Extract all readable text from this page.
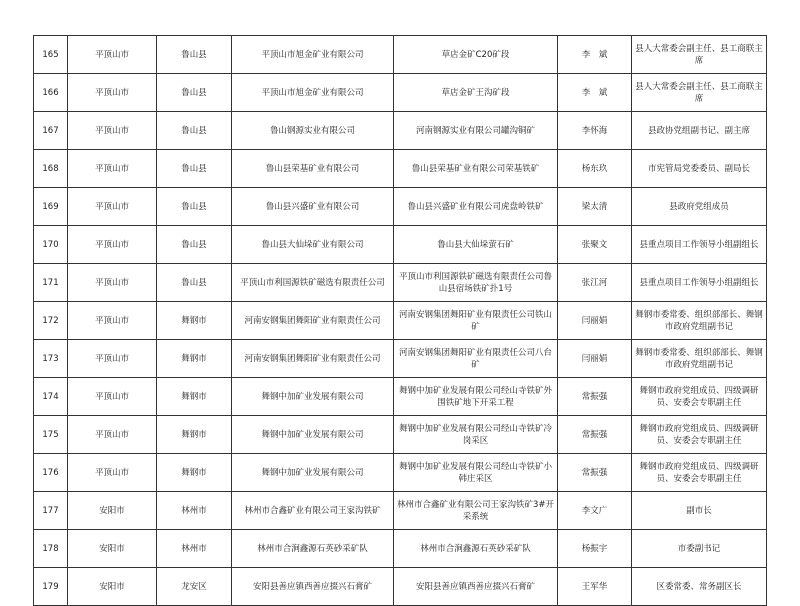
165	平顶山市	鲁山县	平顶山市旭金矿业有限公司	草店金矿C20矿段	李　斌	县人大常委会副主任、县工商联主席
166	平顶山市	鲁山县	平顶山市旭金矿业有限公司	草店金矿王沟矿段	李　斌	县人大常委会副主任、县工商联主席
167	平顶山市	鲁山县	鲁山钢源实业有限公司	河南钢源实业有限公司罐沟铜矿	李怀海	县政协党组副书记、副主席
168	平顶山市	鲁山县	鲁山县荣基矿业有限公司	鲁山县荣基矿业有限公司荣基铁矿	杨东玖	市宪管局党委委员、副局长
169	平顶山市	鲁山县	鲁山县兴盛矿业有限公司	鲁山县兴盛矿业有限公司虎盘岭铁矿	梁太清	县政府党组成员
170	平顶山市	鲁山县	鲁山县大仙垛矿业有限公司	鲁山县大仙垛萤石矿	张聚文	县重点项目工作领导小组副组长
171	平顶山市	鲁山县	平顶山市利国源铁矿磁选有限责任公司	平顶山市利国源铁矿磁选有限责任公司鲁山县宿场铁矿扑1号	张江河	县重点项目工作领导小组副组长
172	平顶山市	舞钢市	河南安钢集团舞阳矿业有限责任公司	河南安钢集团舞阳矿业有限责任公司铁山矿	闫丽娟	舞钢市委常委、组织部部长、舞钢市政府党组副书记
173	平顶山市	舞钢市	河南安钢集团舞阳矿业有限责任公司	河南安钢集团舞阳矿业有限责任公司八台矿	闫丽娟	舞钢市委常委、组织部部长、舞钢市政府党组副书记
174	平顶山市	舞钢市	舞钢中加矿业发展有限公司	舞钢中加矿业发展有限公司经山寺铁矿外围铁矿地下开采工程	常振强	舞钢市政府党组成员、四级调研员、安委会专职副主任
175	平顶山市	舞钢市	舞钢中加矿业发展有限公司	舞钢中加矿业发展有限公司经山寺铁矿冷岗采区	常振强	舞钢市政府党组成员、四级调研员、安委会专职副主任
176	平顶山市	舞钢市	舞钢中加矿业发展有限公司	舞钢中加矿业发展有限公司经山寺铁矿小韩庄采区	常振强	舞钢市政府党组成员、四级调研员、安委会专职副主任
177	安阳市	林州市	林州市合鑫矿业有限公司王家沟铁矿	林州市合鑫矿业有限公司王家沟铁矿3#开采系统	李文广	副市长
178	安阳市	林州市	林州市合涧鑫源石英砂采矿队	林州市合涧鑫源石英砂采矿队	杨振宇	市委副书记
179	安阳市	龙安区	安阳县善应镇西善应掇兴石膏矿	安阳县善应镇西善应掇兴石膏矿	王军华	区委常委、常务副区长
